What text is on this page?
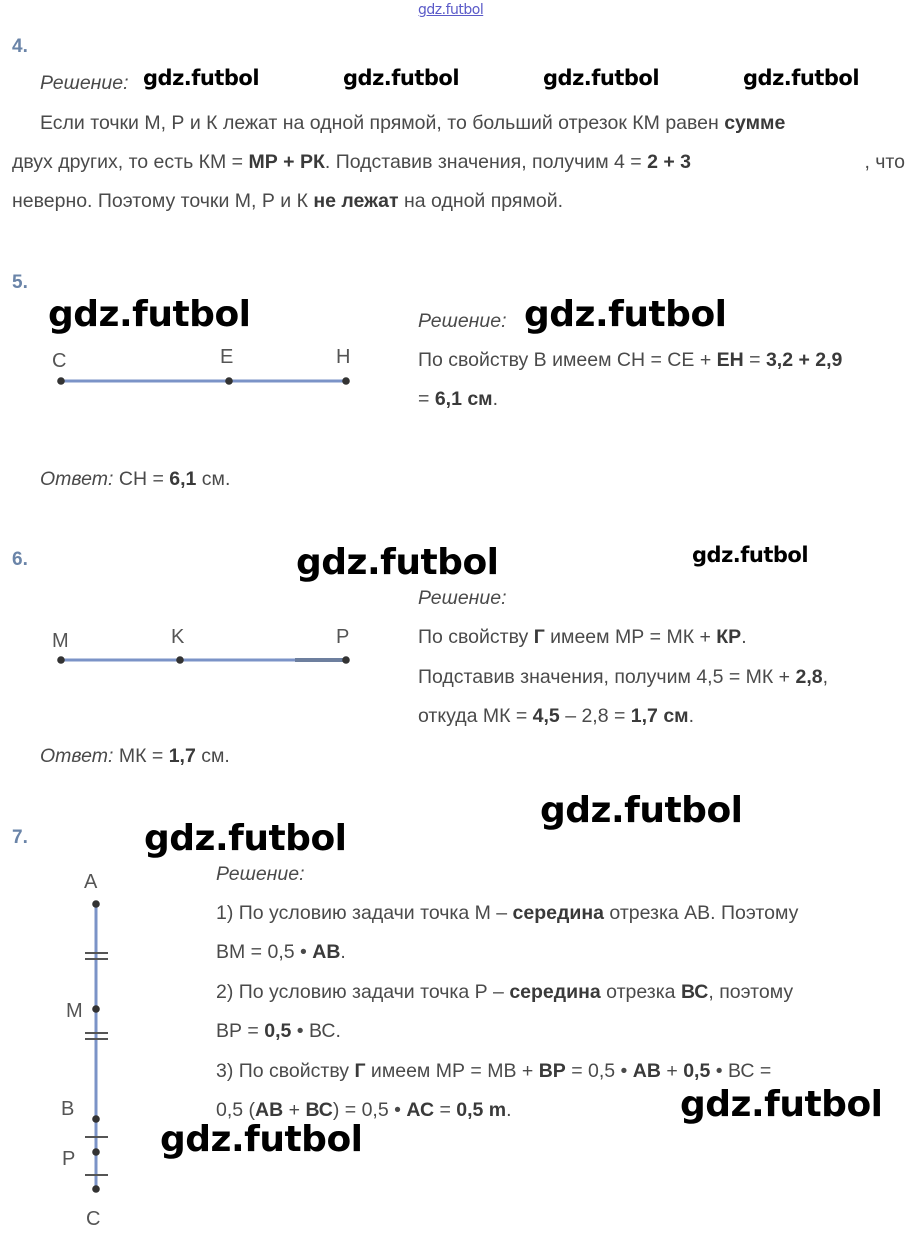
gdz.futbol
gdz.futbol	gdz.futbol	gdz.futbol	gdz.futbol
gdz.futbol	gdz.futbol
gdz.futbol	gdz.futbol
gdz.futbol
gdz.futbol
gdz.futbol
gdz.futbol
4.
Решение:
Если точки М, Р и К лежат на одной прямой, то больший отрезок КМ равен сумме
двух других, то есть КМ = МР + РК . Подставив значения, получим 4 = 2 + 3	, что
неверно. Поэтому точки М, Р и К не лежат на одной прямой.
5.
C	E	H
Решение:
По свойству В имеем СН = СЕ + ЕН = 3,2 + 2,9
= 6,1 см.
Ответ: СН = 6,1 см.
6.
M	K	P
Решение:
По свойству Г имеем МР = МК + КР.
Подставив значения, получим 4,5 = МК + 2,8,
откуда МК = 4,5 – 2,8 = 1,7 см.
Ответ: МК = 1,7 см.
7.
A
M
B
P
C
Решение:
1) По условию задачи точка М – середина отрезка АВ. Поэтому
ВМ = 0,5 • АВ.
2) По условию задачи точка Р – середина отрезка ВС, поэтому
ВР = 0,5 • ВС.
3) По свойству Г имеем МР = МВ + ВР = 0,5 • АВ + 0,5 • ВС =
0,5 (АВ + ВС) = 0,5 • АС = 0,5 m.
